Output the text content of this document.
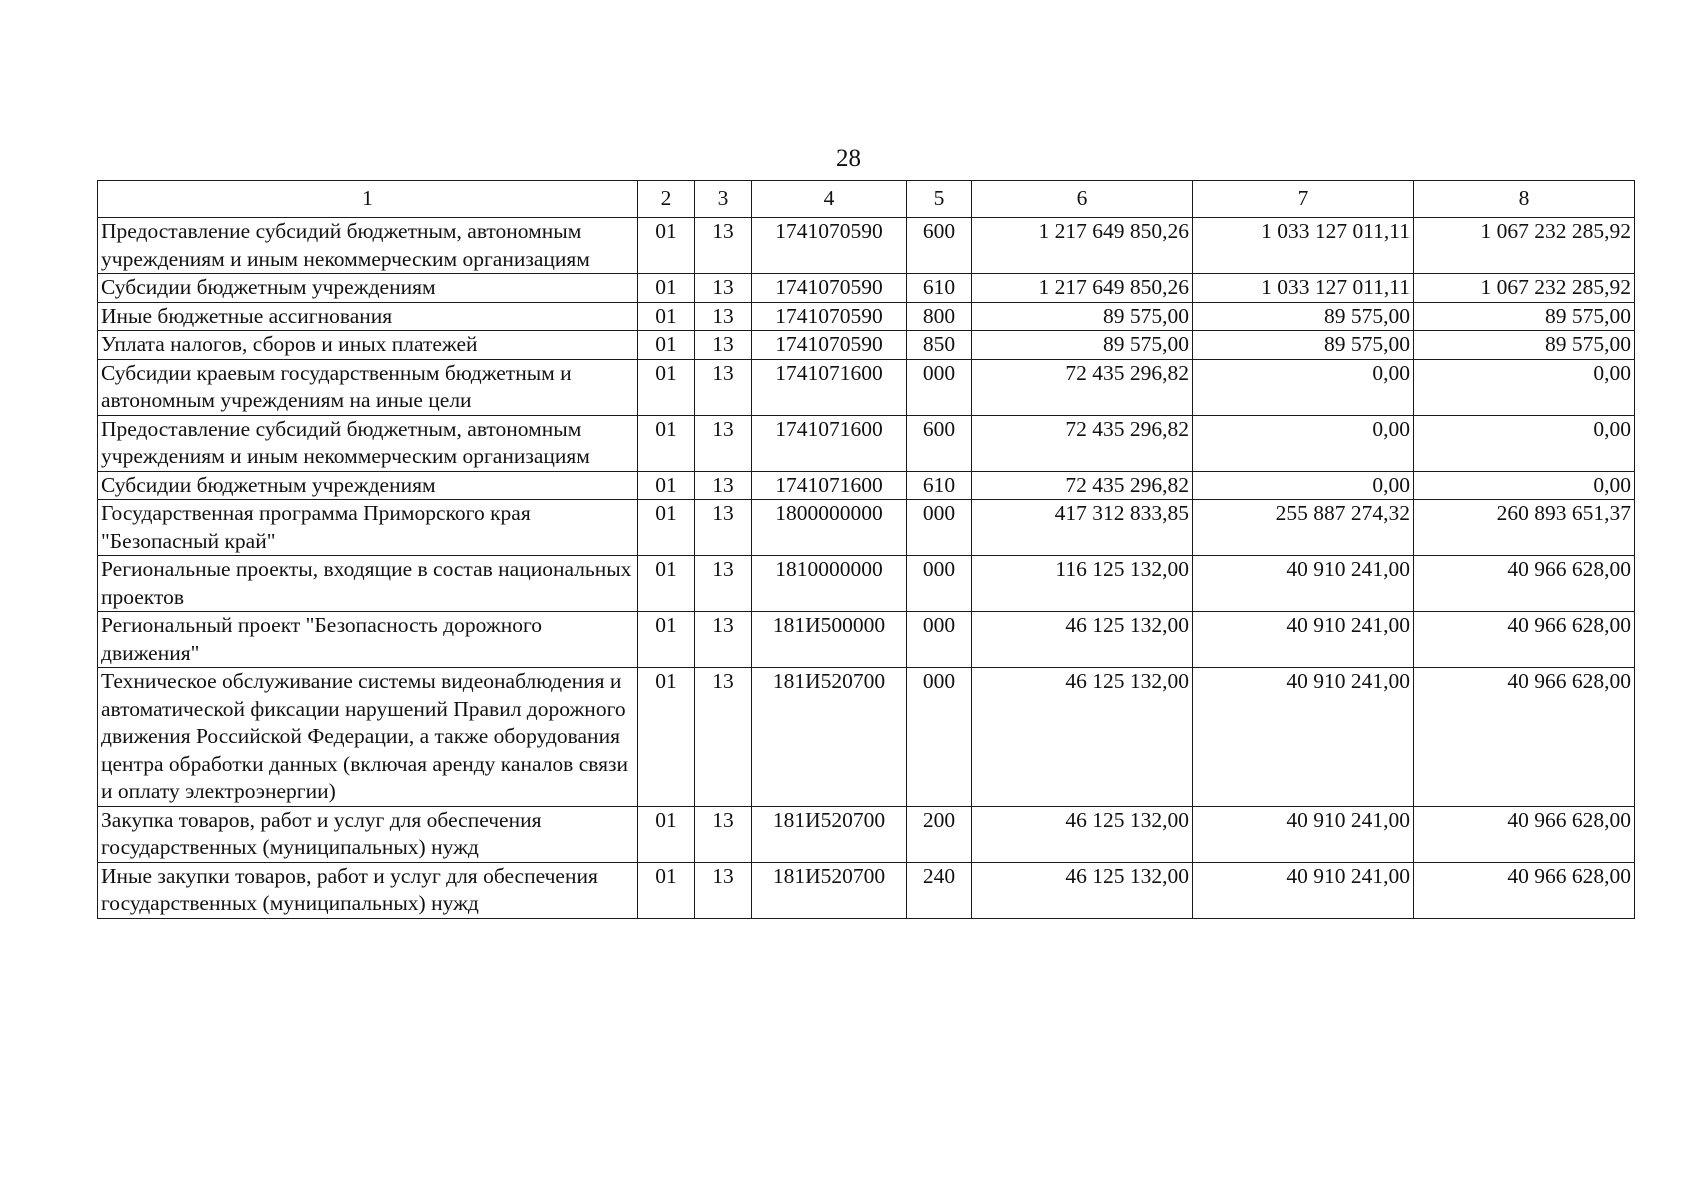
28
1	2	3	4	5	6	7	8
Предоставление субсидий бюджетным, автономным учреждениям и иным некоммерческим организациям	01	13	1741070590	600	1 217 649 850,26	1 033 127 011,11	1 067 232 285,92
Субсидии бюджетным учреждениям	01	13	1741070590	610	1 217 649 850,26	1 033 127 011,11	1 067 232 285,92
Иные бюджетные ассигнования	01	13	1741070590	800	89 575,00	89 575,00	89 575,00
Уплата налогов, сборов и иных платежей	01	13	1741070590	850	89 575,00	89 575,00	89 575,00
Субсидии краевым государственным бюджетным и автономным учреждениям на иные цели	01	13	1741071600	000	72 435 296,82	0,00	0,00
Предоставление субсидий бюджетным, автономным учреждениям и иным некоммерческим организациям	01	13	1741071600	600	72 435 296,82	0,00	0,00
Субсидии бюджетным учреждениям	01	13	1741071600	610	72 435 296,82	0,00	0,00
Государственная программа Приморского края "Безопасный край"	01	13	1800000000	000	417 312 833,85	255 887 274,32	260 893 651,37
Региональные проекты, входящие в состав национальных проектов	01	13	1810000000	000	116 125 132,00	40 910 241,00	40 966 628,00
Региональный проект "Безопасность дорожного движения"	01	13	181И500000	000	46 125 132,00	40 910 241,00	40 966 628,00
Техническое обслуживание системы видеонаблюдения и автоматической фиксации нарушений Правил дорожного движения Российской Федерации, а также оборудования центра обработки данных (включая аренду каналов связи и оплату электроэнергии)	01	13	181И520700	000	46 125 132,00	40 910 241,00	40 966 628,00
Закупка товаров, работ и услуг для обеспечения государственных (муниципальных) нужд	01	13	181И520700	200	46 125 132,00	40 910 241,00	40 966 628,00
Иные закупки товаров, работ и услуг для обеспечения государственных (муниципальных) нужд	01	13	181И520700	240	46 125 132,00	40 910 241,00	40 966 628,00
